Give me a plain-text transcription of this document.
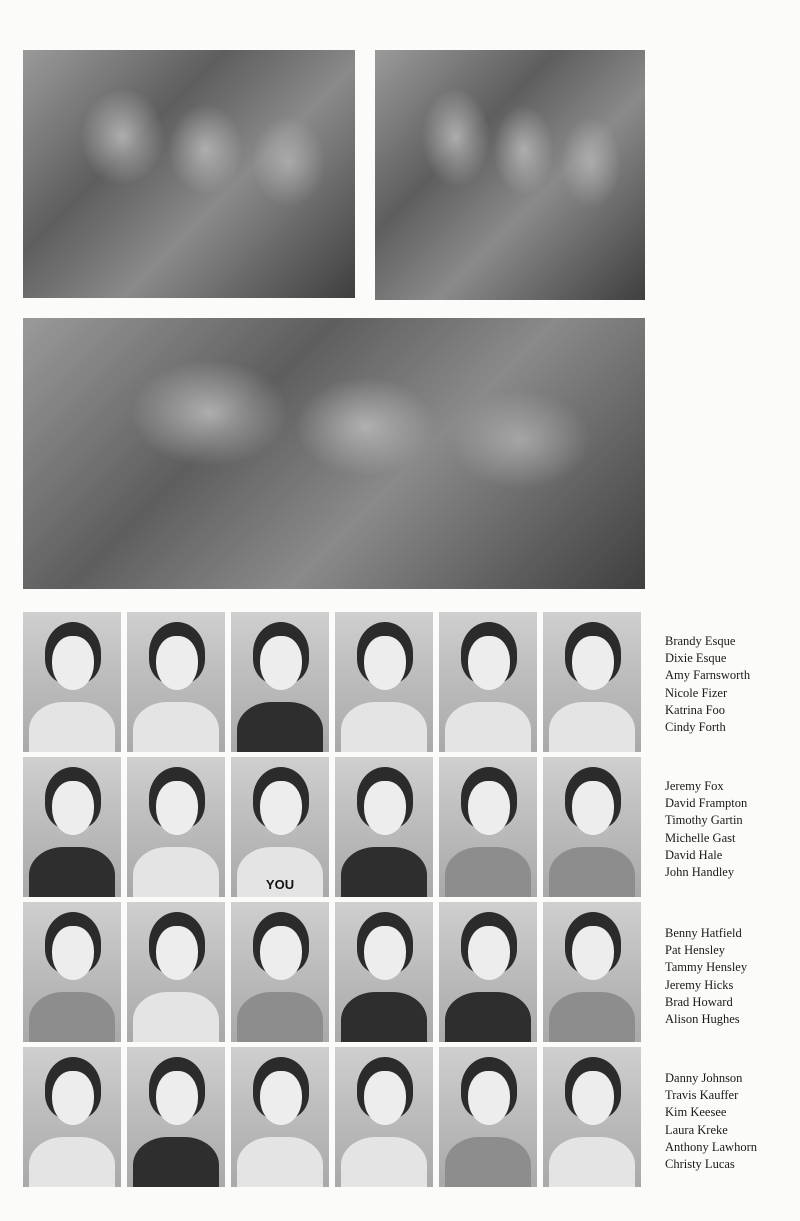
YOU
Brandy Esque
Dixie Esque
Amy Farnsworth
Nicole Fizer
Katrina Foo
Cindy Forth
Jeremy Fox
David Frampton
Timothy Gartin
Michelle Gast
David Hale
John Handley
Benny Hatfield
Pat Hensley
Tammy Hensley
Jeremy Hicks
Brad Howard
Alison Hughes
Danny Johnson
Travis Kauffer
Kim Keesee
Laura Kreke
Anthony Lawhorn
Christy Lucas
